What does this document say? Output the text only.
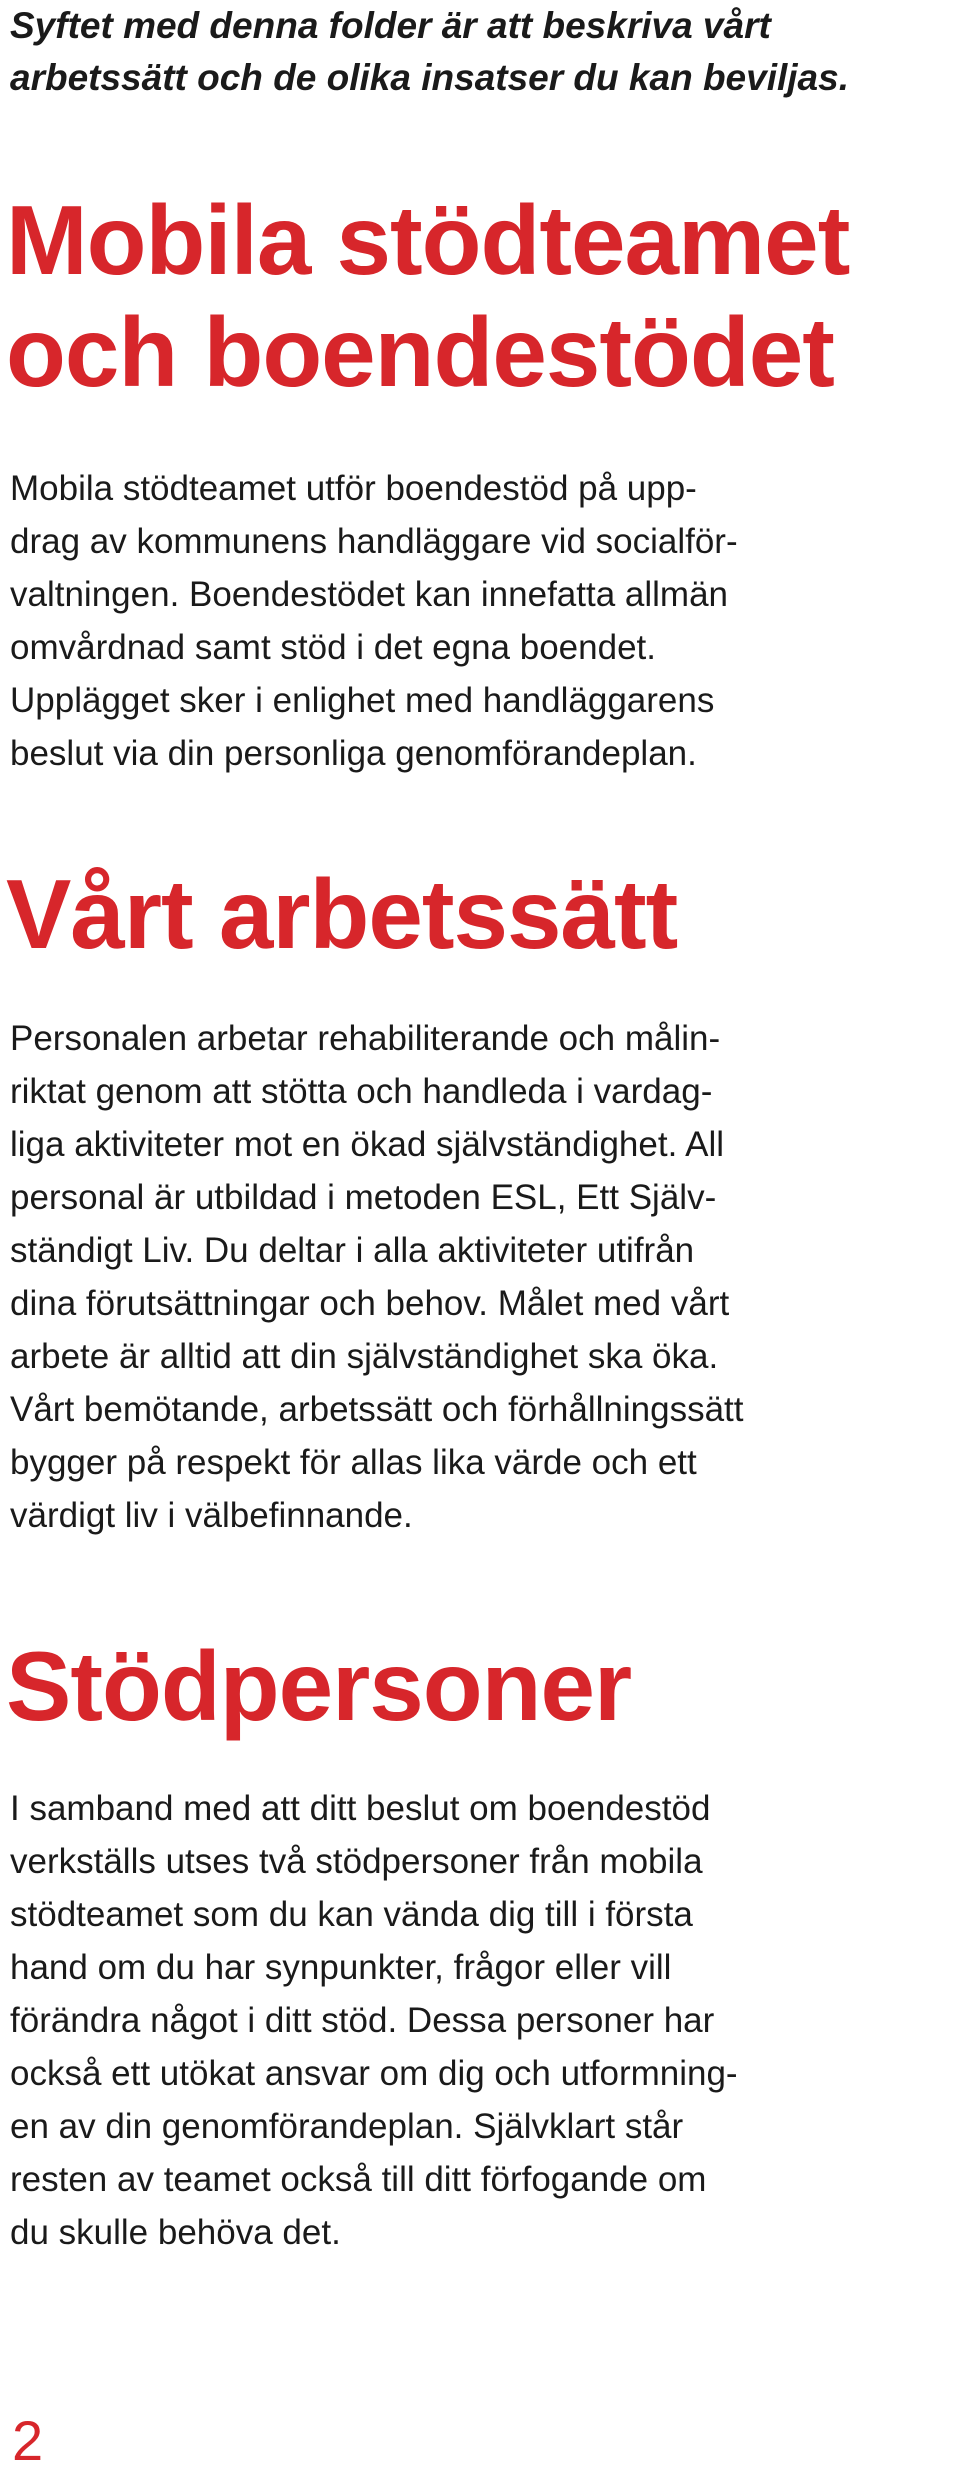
Syftet med denna folder är att beskriva vårt
arbetssätt och de olika insatser du kan beviljas.

Mobila stödteamet
och boendestödet

Mobila stödteamet utför boendestöd på upp-
drag av kommunens handläggare vid socialför-
valtningen. Boendestödet kan innefatta allmän
omvårdnad samt stöd i det egna boendet.
Upplägget sker i enlighet med handläggarens
beslut via din personliga genomförandeplan.

Vårt arbetssätt

Personalen arbetar rehabiliterande och målin-
riktat genom att stötta och handleda i vardag-
liga aktiviteter mot en ökad självständighet. All
personal är utbildad i metoden ESL, Ett Själv-
ständigt Liv. Du deltar i alla aktiviteter utifrån
dina förutsättningar och behov. Målet med vårt
arbete är alltid att din självständighet ska öka.
Vårt bemötande, arbetssätt och förhållningssätt
bygger på respekt för allas lika värde och ett
värdigt liv i välbefinnande.

Stödpersoner

I samband med att ditt beslut om boendestöd
verkställs utses två stödpersoner från mobila
stödteamet som du kan vända dig till i första
hand om du har synpunkter, frågor eller vill
förändra något i ditt stöd. Dessa personer har
också ett utökat ansvar om dig och utformning-
en av din genomförandeplan. Självklart står
resten av teamet också till ditt förfogande om
du skulle behöva det.

2
